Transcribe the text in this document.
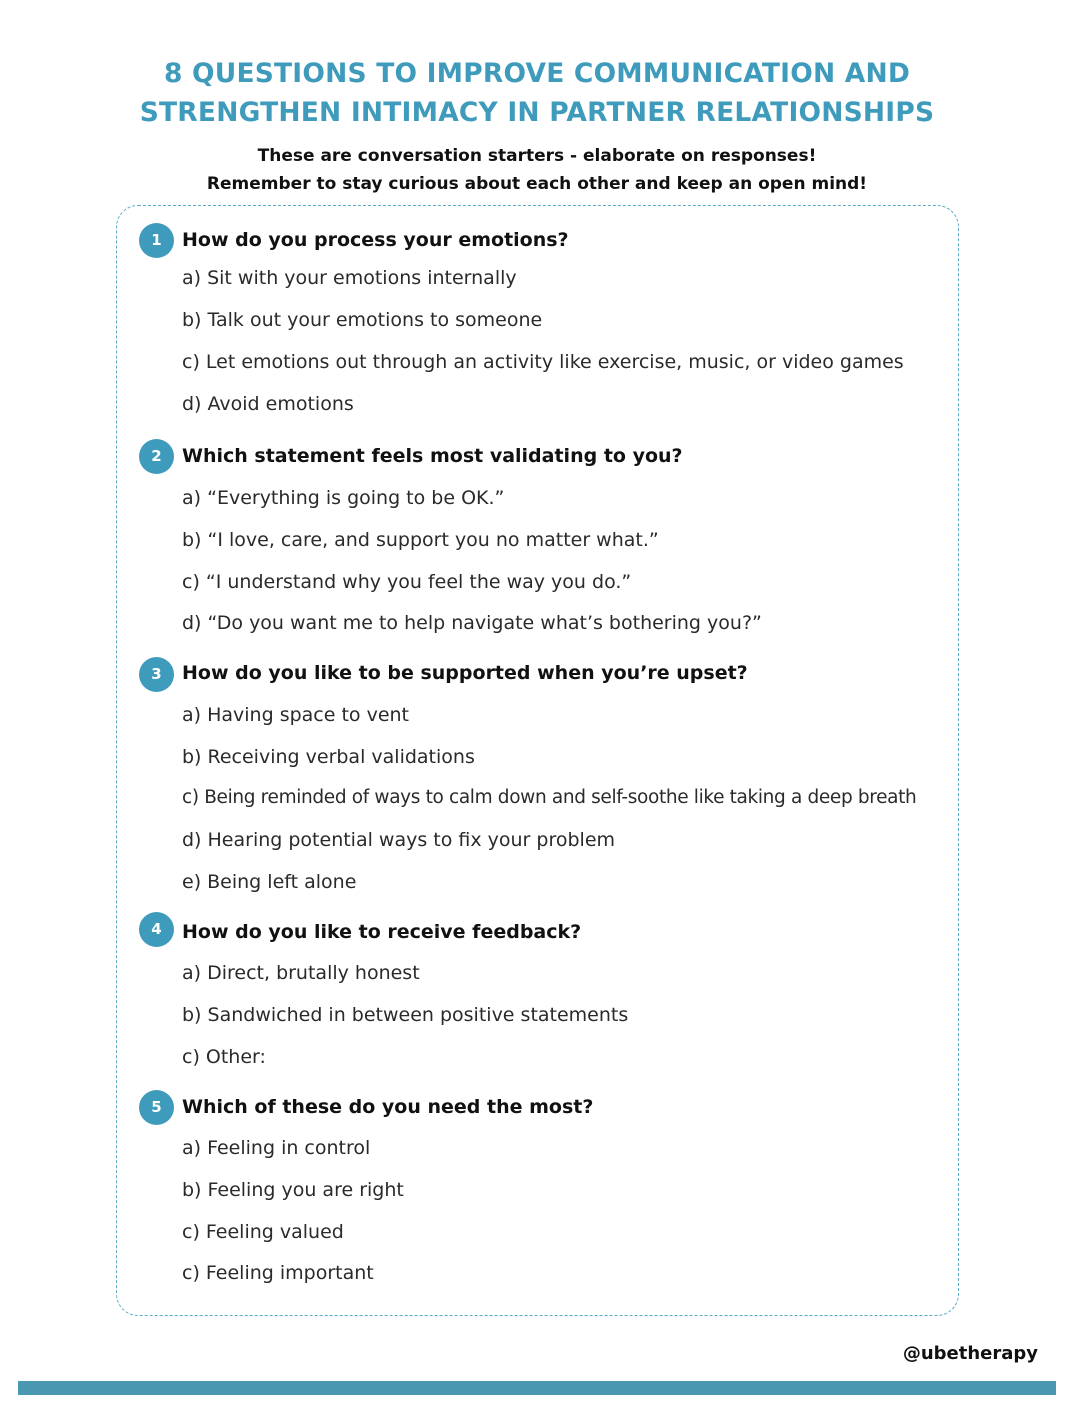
8 QUESTIONS TO IMPROVE COMMUNICATION AND
STRENGTHEN INTIMACY IN PARTNER RELATIONSHIPS
These are conversation starters - elaborate on responses!
Remember to stay curious about each other and keep an open mind!
1	How do you process your emotions?
a) Sit with your emotions internally
b) Talk out your emotions to someone
c) Let emotions out through an activity like exercise, music, or video games
d) Avoid emotions
2	Which statement feels most validating to you?
a) “Everything is going to be OK.”
b) “I love, care, and support you no matter what.”
c) “I understand why you feel the way you do.”
d) “Do you want me to help navigate what’s bothering you?”
3	How do you like to be supported when you’re upset?
a) Having space to vent
b) Receiving verbal validations
c) Being reminded of ways to calm down and self-soothe like taking a deep breath
d) Hearing potential ways to fix your problem
e) Being left alone
4	How do you like to receive feedback?
a) Direct, brutally honest
b) Sandwiched in between positive statements
c) Other:
5	Which of these do you need the most?
a) Feeling in control
b) Feeling you are right
c) Feeling valued
c) Feeling important
@ubetherapy
